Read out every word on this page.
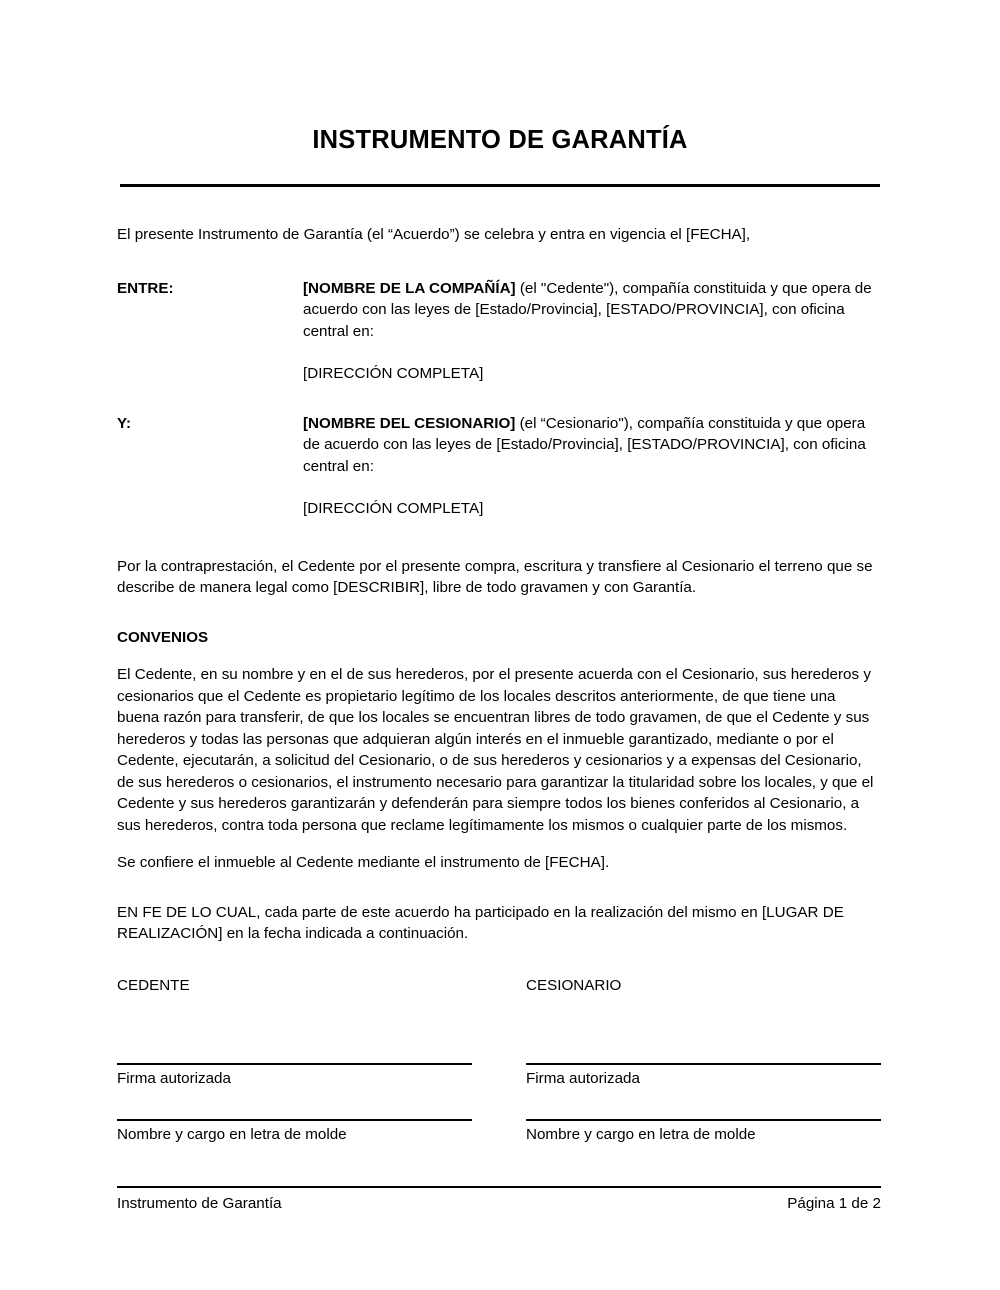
INSTRUMENTO DE GARANTÍA

El presente Instrumento de Garantía (el “Acuerdo”) se celebra y entra en vigencia el [FECHA],

ENTRE:	[NOMBRE DE LA COMPAÑÍA] (el "Cedente"), compañía constituida y que opera de acuerdo con las leyes de [Estado/Provincia], [ESTADO/PROVINCIA], con oficina central en:
[DIRECCIÓN COMPLETA]
Y:	[NOMBRE DEL CESIONARIO] (el “Cesionario"), compañía constituida y que opera de acuerdo con las leyes de [Estado/Provincia], [ESTADO/PROVINCIA], con oficina central en:
[DIRECCIÓN COMPLETA]

Por la contraprestación, el Cedente por el presente compra, escritura y transfiere al Cesionario el terreno que se describe de manera legal como [DESCRIBIR], libre de todo gravamen y con Garantía.

CONVENIOS

El Cedente, en su nombre y en el de sus herederos, por el presente acuerda con el Cesionario, sus herederos y cesionarios que el Cedente es propietario legítimo de los locales descritos anteriormente, de que tiene una buena razón para transferir, de que los locales se encuentran libres de todo gravamen, de que el Cedente y sus herederos y todas las personas que adquieran algún interés en el inmueble garantizado, mediante o por el Cedente, ejecutarán, a solicitud del Cesionario, o de sus herederos y cesionarios y a expensas del Cesionario, de sus herederos o cesionarios, el instrumento necesario para garantizar la titularidad sobre los locales, y que el Cedente y sus herederos garantizarán y defenderán para siempre todos los bienes conferidos al Cesionario, a sus herederos, contra toda persona que reclame legítimamente los mismos o cualquier parte de los mismos.

Se confiere el inmueble al Cedente mediante el instrumento de [FECHA].

EN FE DE LO CUAL, cada parte de este acuerdo ha participado en la realización del mismo en [LUGAR DE REALIZACIÓN] en la fecha indicada a continuación.

CEDENTE	CESIONARIO
Firma autorizada	Firma autorizada
Nombre y cargo en letra de molde	Nombre y cargo en letra de molde
Instrumento de Garantía	Página 1 de 2
